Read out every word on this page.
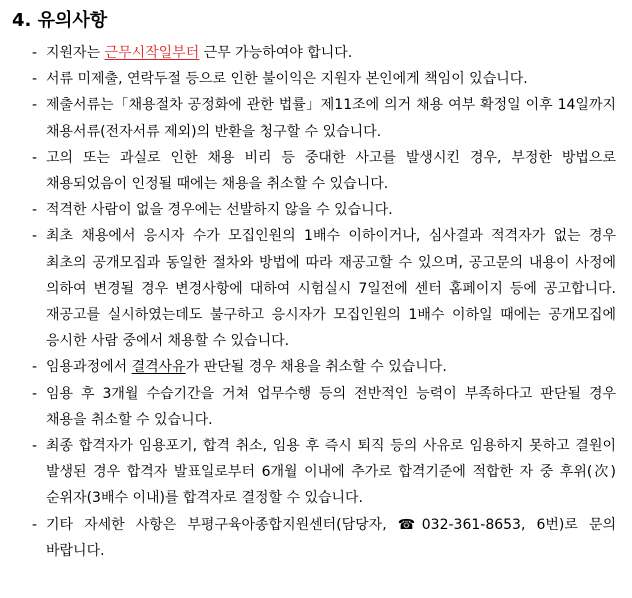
4. 유의사항
- 지원자는 근무시작일부터 근무 가능하여야 합니다.
- 서류 미제출, 연락두절 등으로 인한 불이익은 지원자 본인에게 책임이 있습니다.
- 제출서류는「채용절차 공정화에 관한 법률」제11조에 의거 채용 여부 확정일 이후 14일까지 채용서류(전자서류 제외)의 반환을 청구할 수 있습니다.
- 고의 또는 과실로 인한 채용 비리 등 중대한 사고를 발생시킨 경우, 부정한 방법으로 채용되었음이 인정될 때에는 채용을 취소할 수 있습니다.
- 적격한 사람이 없을 경우에는 선발하지 않을 수 있습니다.
- 최초 채용에서 응시자 수가 모집인원의 1배수 이하이거나, 심사결과 적격자가 없는 경우 최초의 공개모집과 동일한 절차와 방법에 따라 재공고할 수 있으며, 공고문의 내용이 사정에 의하여 변경될 경우 변경사항에 대하여 시험실시 7일전에 센터 홈페이지 등에 공고합니다. 재공고를 실시하였는데도 불구하고 응시자가 모집인원의 1배수 이하일 때에는 공개모집에 응시한 사람 중에서 채용할 수 있습니다.
- 임용과정에서 결격사유가 판단될 경우 채용을 취소할 수 있습니다.
- 임용 후 3개월 수습기간을 거쳐 업무수행 등의 전반적인 능력이 부족하다고 판단될 경우 채용을 취소할 수 있습니다.
- 최종 합격자가 임용포기, 합격 취소, 임용 후 즉시 퇴직 등의 사유로 임용하지 못하고 결원이 발생된 경우 합격자 발표일로부터 6개월 이내에 추가로 합격기준에 적합한 자 중 후위(次) 순위자(3배수 이내)를 합격자로 결정할 수 있습니다.
- 기타 자세한 사항은 부평구육아종합지원센터(담당자, ☎032-361-8653, 6번)로 문의 바랍니다.
